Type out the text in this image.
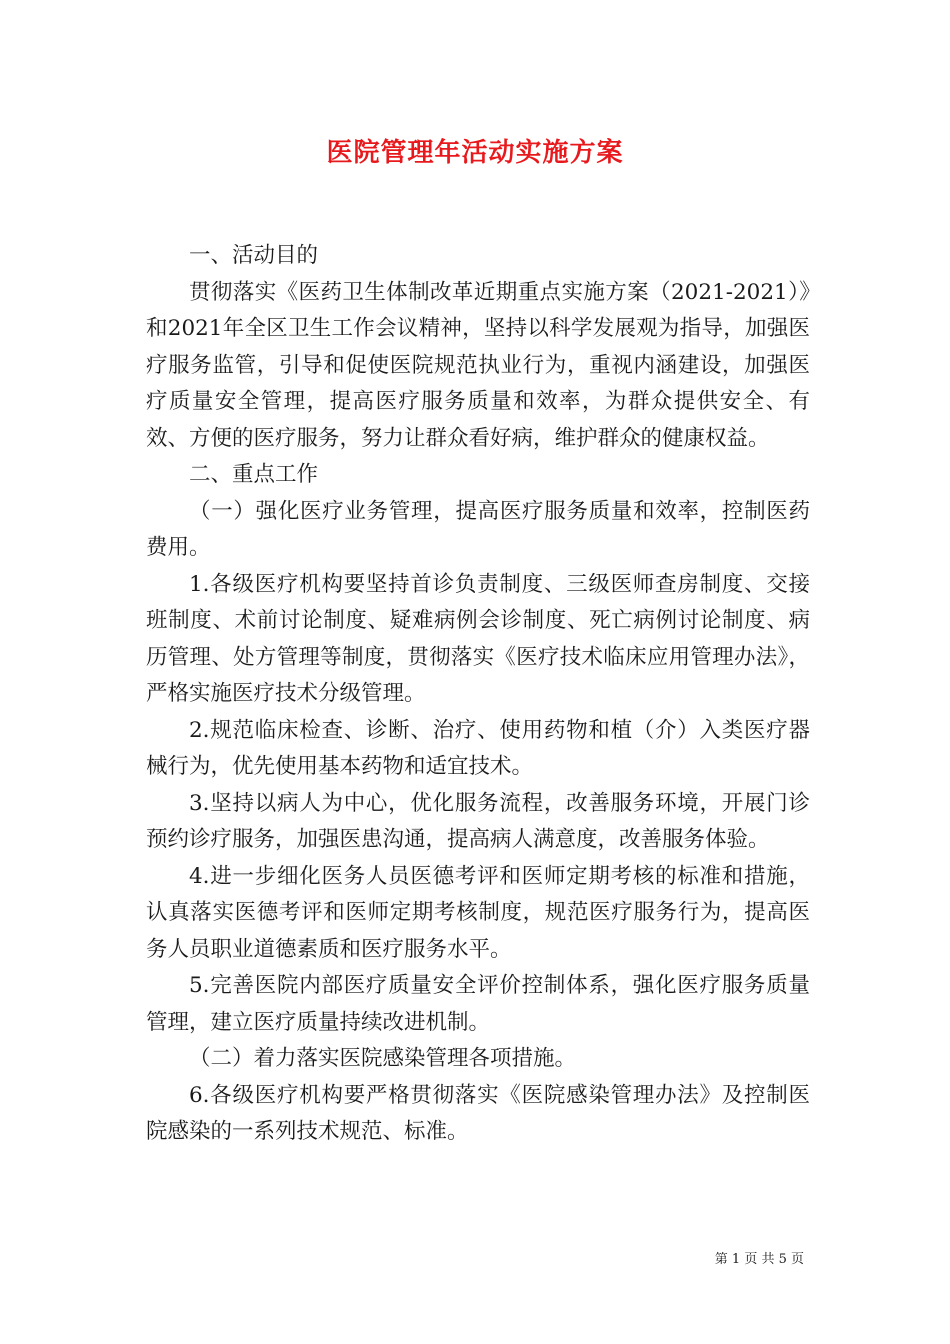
医院管理年活动实施方案

一、活动目的

贯彻落实《医药卫生体制改革近期重点实施方案（2021-2021）》和2021年全区卫生工作会议精神，坚持以科学发展观为指导，加强医疗服务监管，引导和促使医院规范执业行为，重视内涵建设，加强医疗质量安全管理，提高医疗服务质量和效率，为群众提供安全、有效、方便的医疗服务，努力让群众看好病，维护群众的健康权益。

二、重点工作

（一）强化医疗业务管理，提高医疗服务质量和效率，控制医药费用。

1.各级医疗机构要坚持首诊负责制度、三级医师查房制度、交接班制度、术前讨论制度、疑难病例会诊制度、死亡病例讨论制度、病历管理、处方管理等制度，贯彻落实《医疗技术临床应用管理办法》，严格实施医疗技术分级管理。

2.规范临床检查、诊断、治疗、使用药物和植（介）入类医疗器械行为，优先使用基本药物和适宜技术。

3.坚持以病人为中心，优化服务流程，改善服务环境，开展门诊预约诊疗服务，加强医患沟通，提高病人满意度，改善服务体验。

4.进一步细化医务人员医德考评和医师定期考核的标准和措施，认真落实医德考评和医师定期考核制度，规范医疗服务行为，提高医务人员职业道德素质和医疗服务水平。

5.完善医院内部医疗质量安全评价控制体系，强化医疗服务质量管理，建立医疗质量持续改进机制。

（二）着力落实医院感染管理各项措施。

6.各级医疗机构要严格贯彻落实《医院感染管理办法》及控制医院感染的一系列技术规范、标准。

第 1 页 共 5 页
